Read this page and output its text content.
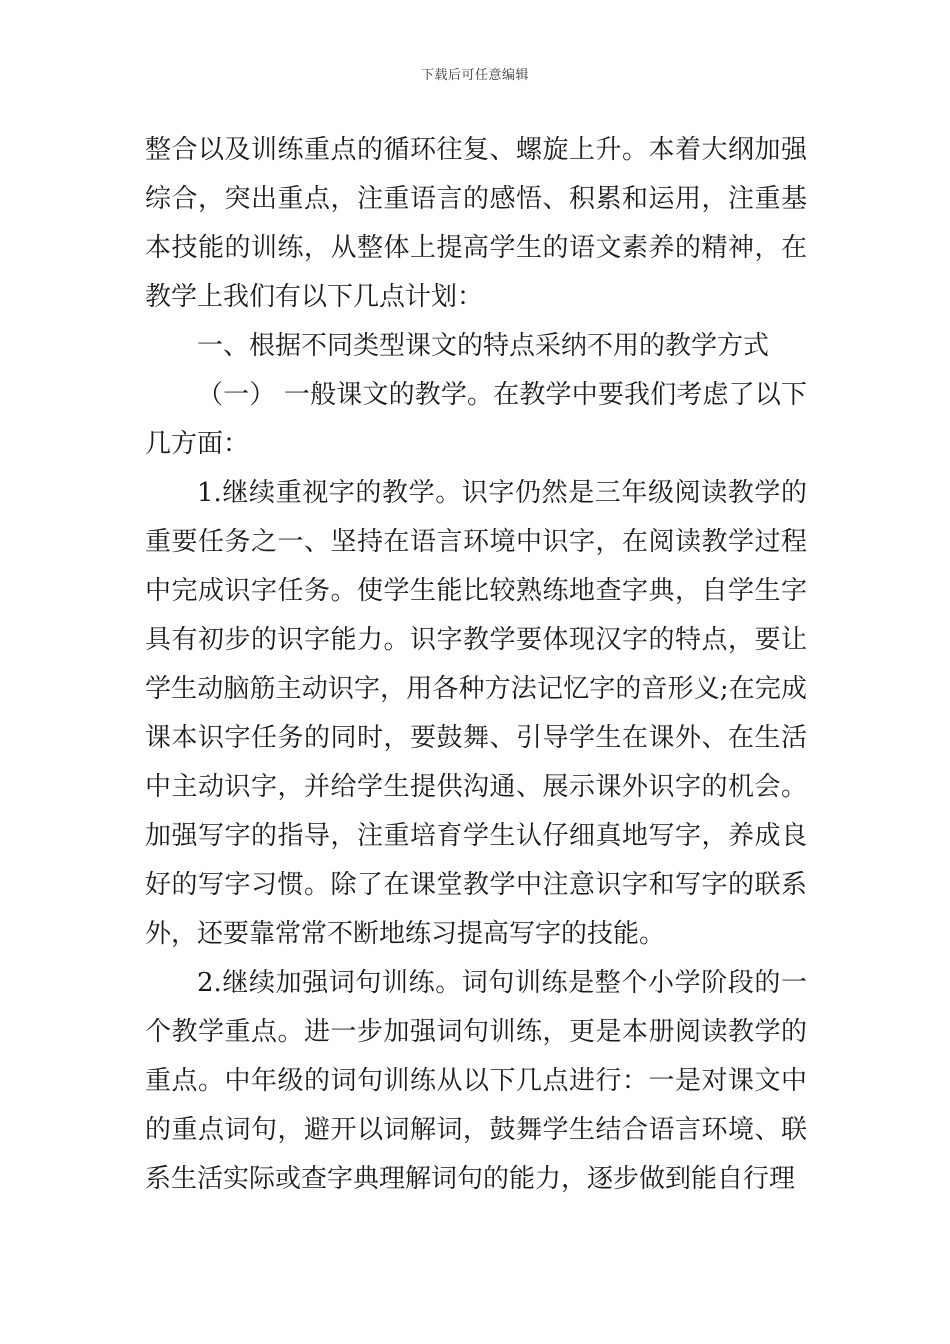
下载后可任意编辑

整合以及训练重点的循环往复、螺旋上升。本着大纲加强综合，突出重点，注重语言的感悟、积累和运用，注重基本技能的训练，从整体上提高学生的语文素养的精神，在教学上我们有以下几点计划：

一、根据不同类型课文的特点采纳不用的教学方式

（一） 一般课文的教学。在教学中要我们考虑了以下几方面：

1.继续重视字的教学。识字仍然是三年级阅读教学的重要任务之一、坚持在语言环境中识字，在阅读教学过程中完成识字任务。使学生能比较熟练地查字典，自学生字具有初步的识字能力。识字教学要体现汉字的特点，要让学生动脑筋主动识字，用各种方法记忆字的音形义;在完成课本识字任务的同时，要鼓舞、引导学生在课外、在生活中主动识字，并给学生提供沟通、展示课外识字的机会。加强写字的指导，注重培育学生认仔细真地写字，养成良好的写字习惯。除了在课堂教学中注意识字和写字的联系外，还要靠常常不断地练习提高写字的技能。

2.继续加强词句训练。词句训练是整个小学阶段的一个教学重点。进一步加强词句训练，更是本册阅读教学的重点。中年级的词句训练从以下几点进行：一是对课文中的重点词句，避开以词解词，鼓舞学生结合语言环境、联系生活实际或查字典理解词句的能力，逐步做到能自行理
